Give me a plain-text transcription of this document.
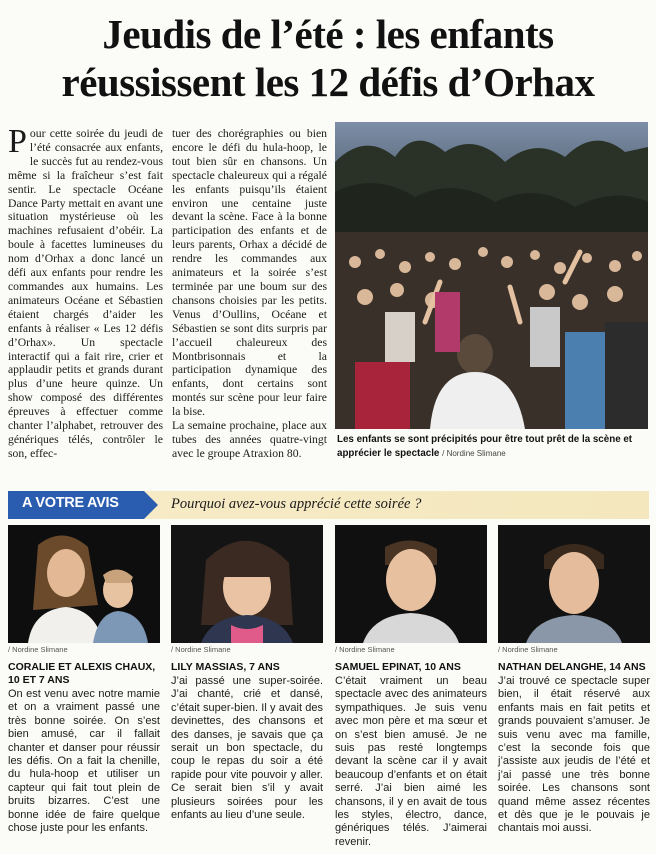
Jeudis de l’été : les enfants
réussissent les 12 défis d’Orhax

Pour cette soirée du jeudi de l’été consacrée aux enfants, le succès fut au rendez-vous même si la fraîcheur s’est fait sentir. Le spectacle Océane Dance Party mettait en avant une situation mystérieuse où les machines refusaient d’obéir. La boule à facettes lumineuses du nom d’Orhax a donc lancé un défi aux enfants pour rendre les commandes aux humains. Les animateurs Océane et Sébastien étaient chargés d’aider les enfants à réaliser « Les 12 défis d’Orhax». Un spectacle interactif qui a fait rire, crier et applaudir petits et grands durant plus d’une heure quinze. Un show composé des différentes épreuves à effectuer comme chanter l’alphabet, retrouver des génériques télés, contrôler le son, effec-

tuer des chorégraphies ou bien encore le défi du hula-hoop, le tout bien sûr en chansons. Un spectacle chaleureux qui a régalé les enfants puisqu’ils étaient environ une centaine juste devant la scène. Face à la bonne participation des enfants et de leurs parents, Orhax a décidé de rendre les commandes aux animateurs et la soirée s’est terminée par une boum sur des chansons choisies par les petits. Venus d’Oullins, Océane et Sébastien se sont dits surpris par l’accueil chaleureux des Montbrisonnais et la participation dynamique des enfants, dont certains sont montés sur scène pour leur faire la bise.

La semaine prochaine, place aux tubes des années quatre-vingt avec le groupe Atraxion 80.

Les enfants se sont précipités pour être tout prêt de la scène et apprécier le spectacle / Nordine Slimane
A VOTRE AVIS	Pourquoi avez-vous apprécié cette soirée ?
/ Nordine Slimane	/ Nordine Slimane	/ Nordine Slimane	/ Nordine Slimane
CORALIE ET ALEXIS CHAUX, 10 ET 7 ANS
LILY MASSIAS, 7 ANS	SAMUEL EPINAT, 10 ANS	NATHAN DELANGHE, 14 ANS

On est venu avec notre mamie et on a vraiment passé une très bonne soirée. On s’est bien amusé, car il fallait chanter et danser pour réussir les défis. On a fait la chenille, du hula-hoop et utiliser un capteur qui fait tout plein de bruits bizarres. C’est une bonne idée de faire quelque chose juste pour les enfants.

J’ai passé une super-soirée. J’ai chanté, crié et dansé, c’était super-bien. Il y avait des devinettes, des chansons et des danses, je savais que ça serait un bon spectacle, du coup le repas du soir a été rapide pour vite pouvoir y aller. Ce serait bien s’il y avait plusieurs soirées pour les enfants au lieu d’une seule.

C’était vraiment un beau spectacle avec des animateurs sympathiques. Je suis venu avec mon père et ma sœur et on s’est bien amusé. Je ne suis pas resté longtemps devant la scène car il y avait beaucoup d’enfants et on était serré. J’ai bien aimé les chansons, il y en avait de tous les styles, électro, dance, génériques télés. J’aimerai revenir.

J’ai trouvé ce spectacle super bien, il était réservé aux enfants mais en fait petits et grands pouvaient s’amuser. Je suis venu avec ma famille, c’est la seconde fois que j’assiste aux jeudis de l’été et j’ai passé une très bonne soirée. Les chansons sont quand même assez récentes et dès que je le pouvais je chantais moi aussi.
